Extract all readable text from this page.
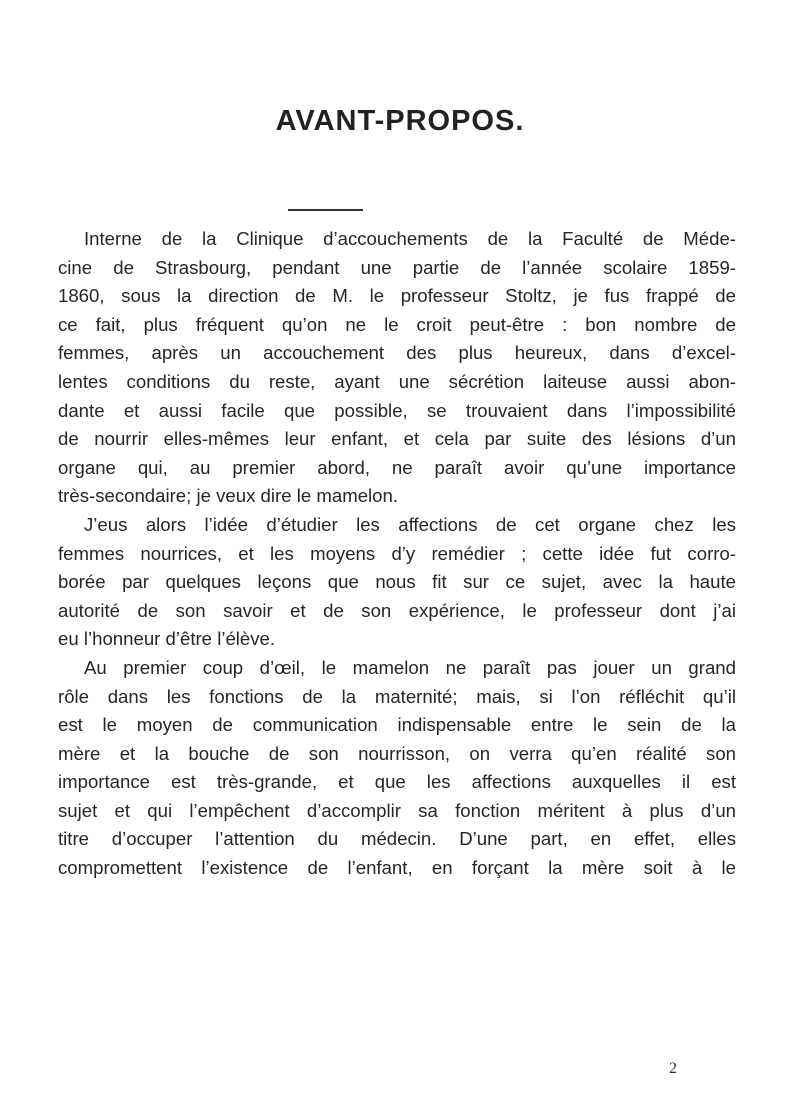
AVANT-PROPOS.
Interne de la Clinique d’accouchements de la Faculté de Méde-
cine de Strasbourg, pendant une partie de l’année scolaire 1859-
1860, sous la direction de M. le professeur Stoltz, je fus frappé de
ce fait, plus fréquent qu’on ne le croit peut-être : bon nombre de
femmes, après un accouchement des plus heureux, dans d’excel-
lentes conditions du reste, ayant une sécrétion laiteuse aussi abon-
dante et aussi facile que possible, se trouvaient dans l’impossibilité
de nourrir elles-mêmes leur enfant, et cela par suite des lésions d’un
organe qui, au premier abord, ne paraît avoir qu’une importance
très-secondaire; je veux dire le mamelon.
J’eus alors l’idée d’étudier les affections de cet organe chez les
femmes nourrices, et les moyens d’y remédier ; cette idée fut corro-
borée par quelques leçons que nous fit sur ce sujet, avec la haute
autorité de son savoir et de son expérience, le professeur dont j’ai
eu l’honneur d’être l’élève.
Au premier coup d’œil, le mamelon ne paraît pas jouer un grand
rôle dans les fonctions de la maternité; mais, si l’on réfléchit qu’il
est le moyen de communication indispensable entre le sein de la
mère et la bouche de son nourrisson, on verra qu’en réalité son
importance est très-grande, et que les affections auxquelles il est
sujet et qui l’empêchent d’accomplir sa fonction méritent à plus d’un
titre d’occuper l’attention du médecin. D’une part, en effet, elles
compromettent l’existence de l’enfant, en forçant la mère soit à le
2
